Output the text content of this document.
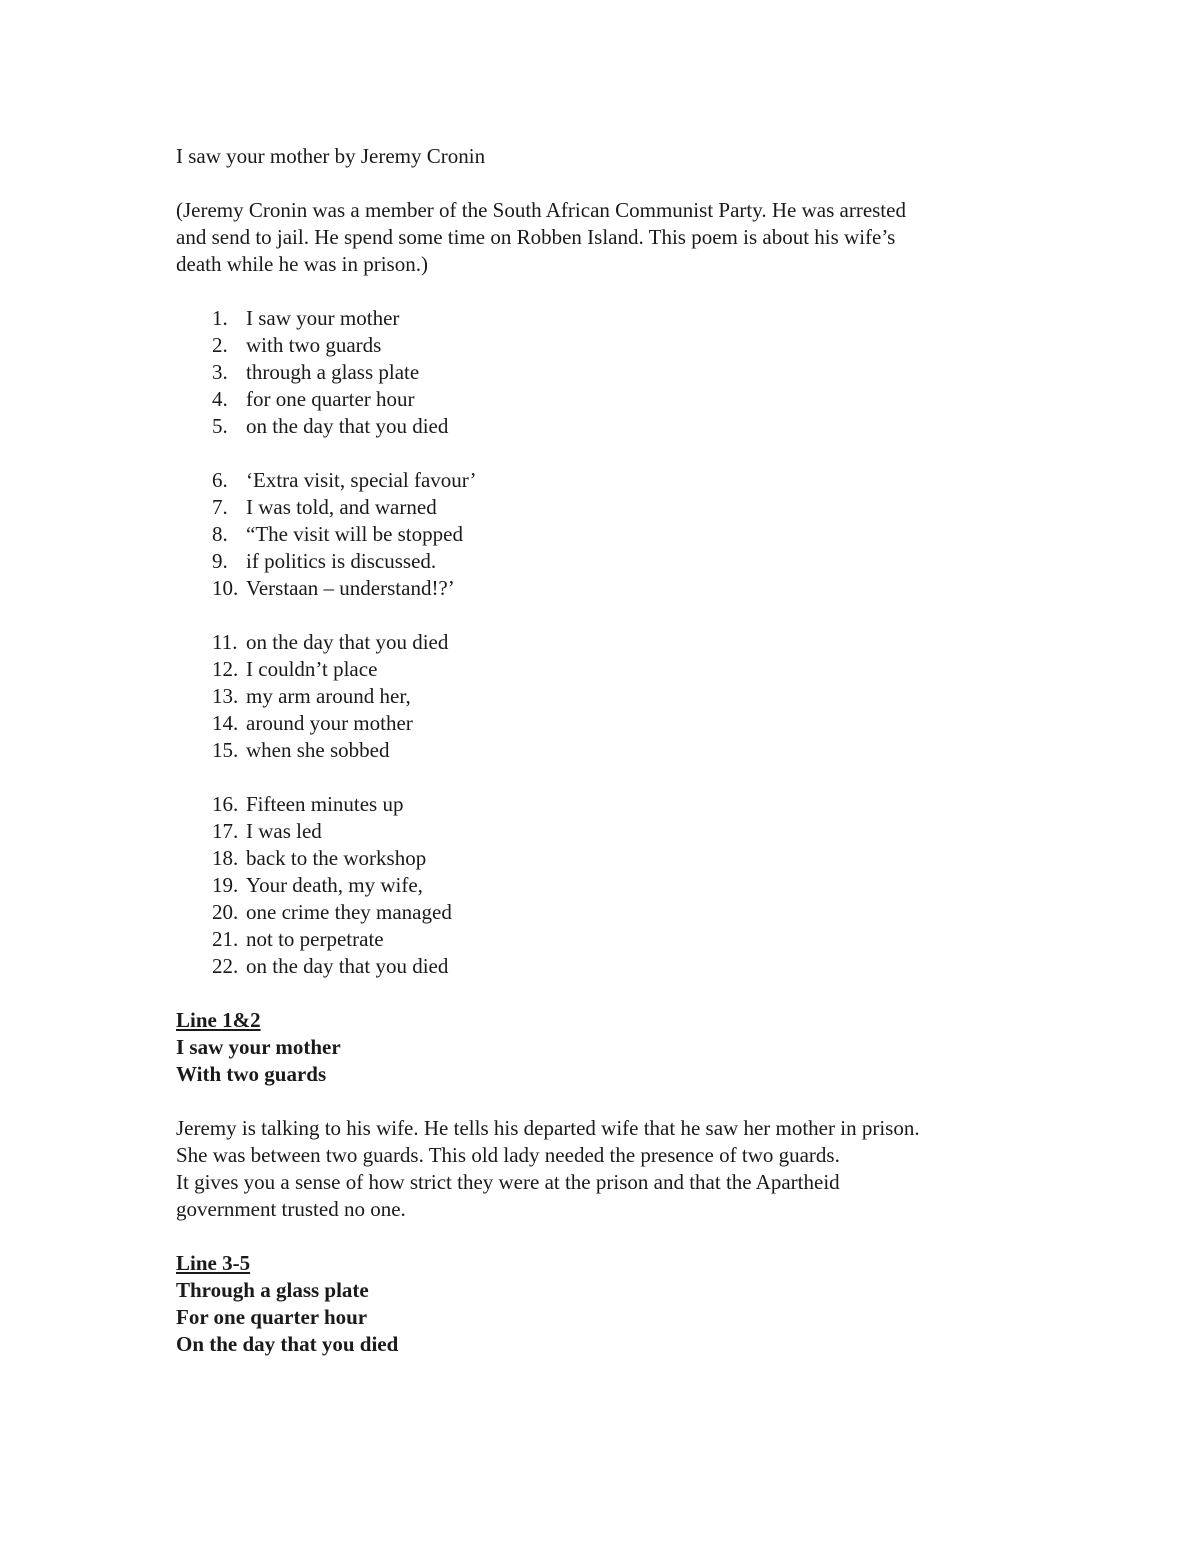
I saw your mother by Jeremy Cronin
(Jeremy Cronin was a member of the South African Communist Party. He was arrested
and send to jail. He spend some time on Robben Island. This poem is about his wife’s
death while he was in prison.)
1. I saw your mother
2. with two guards
3. through a glass plate
4. for one quarter hour
5. on the day that you died
6. ‘Extra visit, special favour’
7. I was told, and warned
8. “The visit will be stopped
9. if politics is discussed.
10. Verstaan – understand!?’
11. on the day that you died
12. I couldn’t place
13. my arm around her,
14. around your mother
15. when she sobbed
16. Fifteen minutes up
17. I was led
18. back to the workshop
19. Your death, my wife,
20. one crime they managed
21. not to perpetrate
22. on the day that you died
Line 1&2
I saw your mother
With two guards
Jeremy is talking to his wife. He tells his departed wife that he saw her mother in prison.
She was between two guards. This old lady needed the presence of two guards.
It gives you a sense of how strict they were at the prison and that the Apartheid
government trusted no one.
Line 3-5
Through a glass plate
For one quarter hour
On the day that you died
